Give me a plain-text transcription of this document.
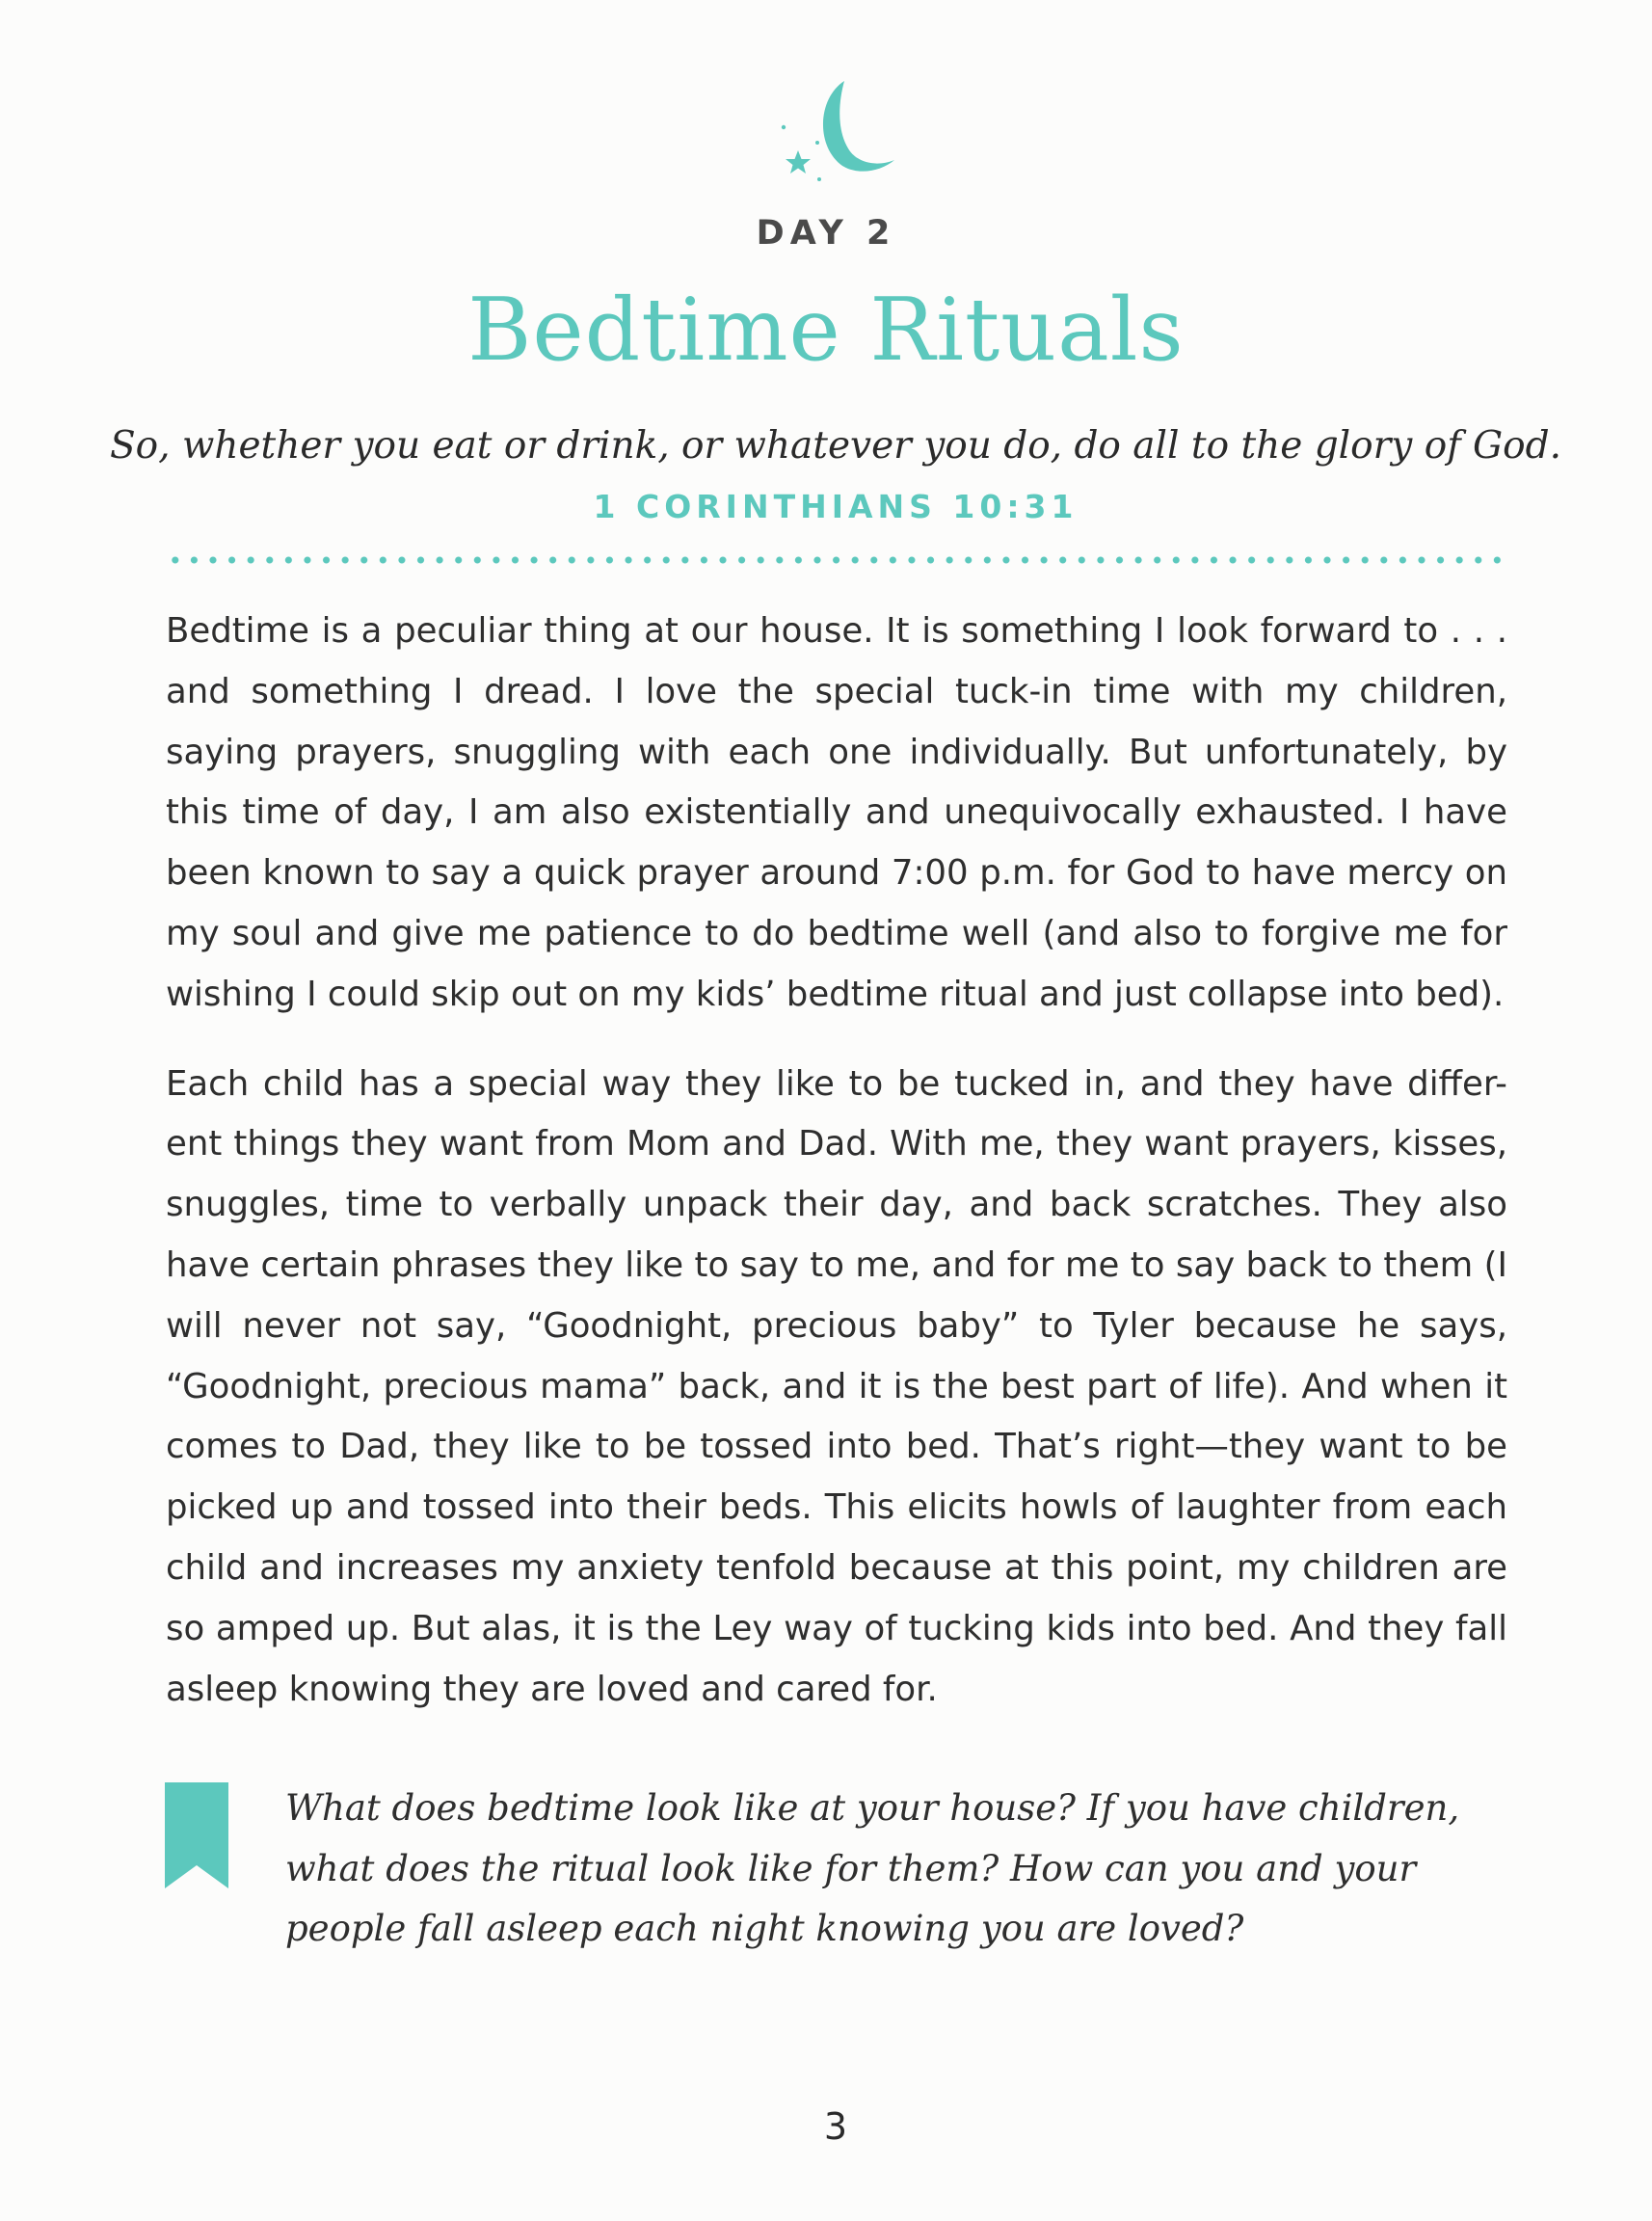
DAY 2
Bedtime Rituals
So, whether you eat or drink, or whatever you do, do all to the glory of God.
1 CORINTHIANS 10:31

Bedtime is a peculiar thing at our house. It is something I look forward to . . . and something I dread. I love the special tuck-in time with my children, saying prayers, snuggling with each one individually. But unfortunately, by this time of day, I am also existentially and unequivocally exhausted. I have been known to say a quick prayer around 7:00 p.m. for God to have mercy on my soul and give me patience to do bedtime well (and also to forgive me for wishing I could skip out on my kids’ bedtime ritual and just collapse into bed).

Each child has a special way they like to be tucked in, and they have differ-ent things they want from Mom and Dad. With me, they want prayers, kisses, snuggles, time to verbally unpack their day, and back scratches. They also have certain phrases they like to say to me, and for me to say back to them (I will never not say, “Goodnight, precious baby” to Tyler because he says, “Goodnight, precious mama” back, and it is the best part of life). And when it comes to Dad, they like to be tossed into bed. That’s right—they want to be picked up and tossed into their beds. This elicits howls of laughter from each child and increases my anxiety tenfold because at this point, my children are so amped up. But alas, it is the Ley way of tucking kids into bed. And they fall asleep knowing they are loved and cared for.

What does bedtime look like at your house? If you have children, what does the ritual look like for them? How can you and your people fall asleep each night knowing you are loved?
3
